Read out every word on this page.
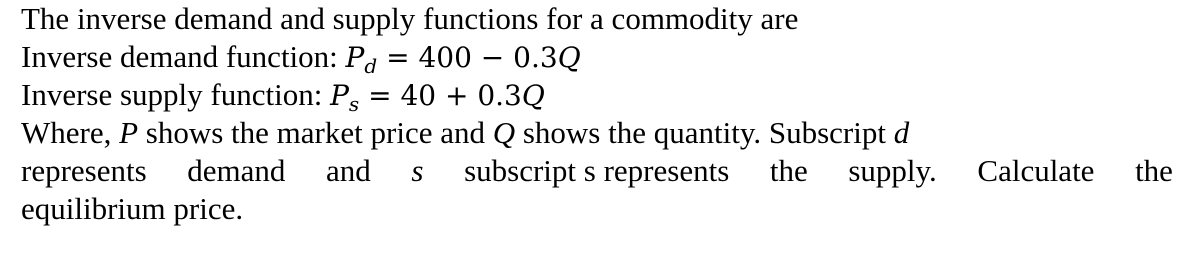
The inverse demand and supply functions for a commodity are
Inverse demand function: $P_d = 400 - 0.3Q$
Inverse supply function: $P_s = 40 + 0.3Q$
Where, P shows the market price and Q shows the quantity. Subscript d
represents demand and s subscript s represents the supply. Calculate the
equilibrium price.
